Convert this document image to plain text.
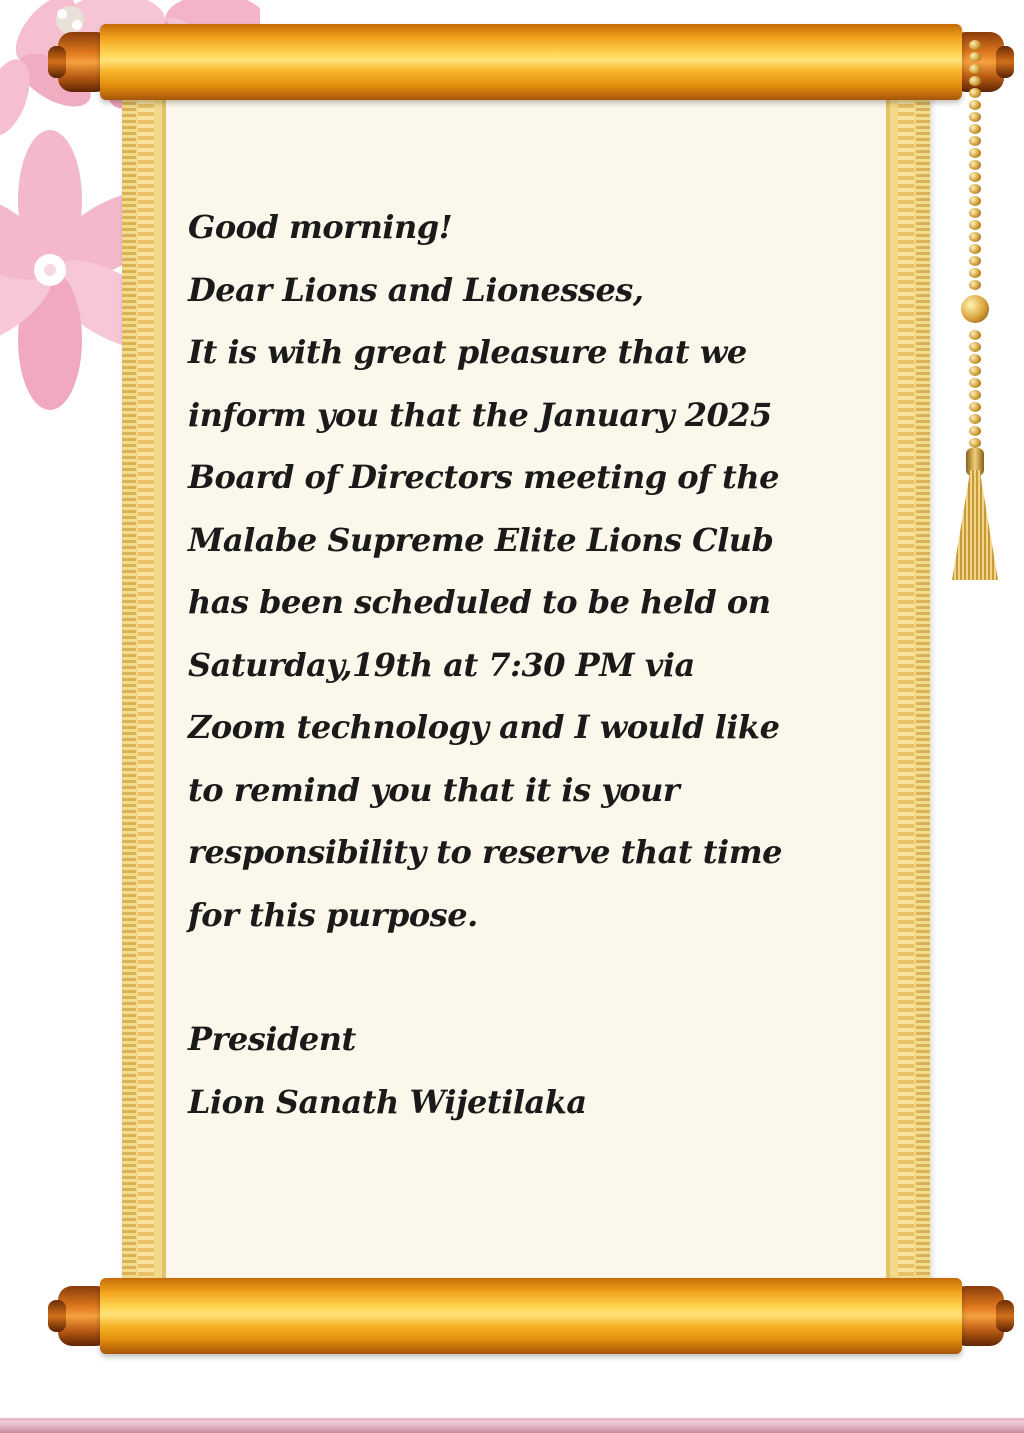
Good morning!

Dear Lions and Lionesses,

It is with great pleasure that we

inform you that the January 2025

Board of Directors meeting of the

Malabe Supreme Elite Lions Club

has been scheduled to be held on

Saturday,19th at 7:30 PM via

Zoom technology and I would like

to remind you that it is your

responsibility to reserve that time

for this purpose.

President

Lion Sanath Wijetilaka
